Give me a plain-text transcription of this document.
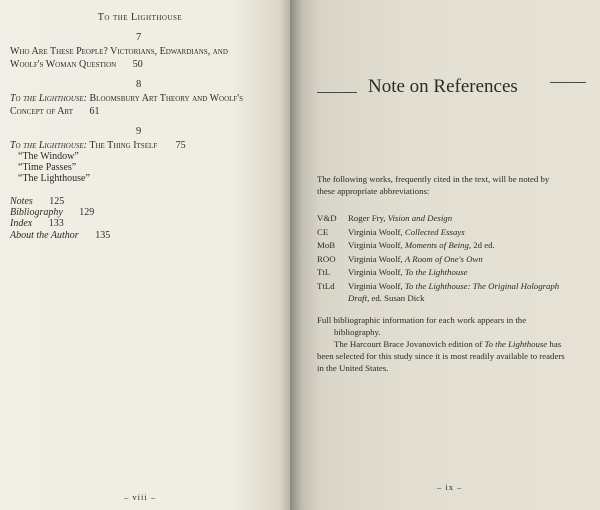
To the Lighthouse
7
Who Are These People? Victorians, Edwardians, and
Woolf's Woman Question 50
8
To the Lighthouse: Bloomsbury Art Theory and Woolf's
Concept of Art 61
9
To the Lighthouse: The Thing Itself 75
“The Window”
“Time Passes”
“The Lighthouse”
Notes 125
Bibliography 129
Index 133
About the Author 135
– viii –
Note on References
The following works, frequently cited in the text, will be noted by
these appropriate abbreviations:
V&D Roger Fry, Vision and Design
CE Virginia Woolf, Collected Essays
MoB Virginia Woolf, Moments of Being, 2d ed.
ROO Virginia Woolf, A Room of One's Own
TtL Virginia Woolf, To the Lighthouse
TtLd Virginia Woolf, To the Lighthouse: The Original Holograph
Draft, ed. Susan Dick
Full bibliographic information for each work appears in the
bibliography.
The Harcourt Brace Jovanovich edition of To the Lighthouse has
been selected for this study since it is most readily available to readers
in the United States.
– ix –
